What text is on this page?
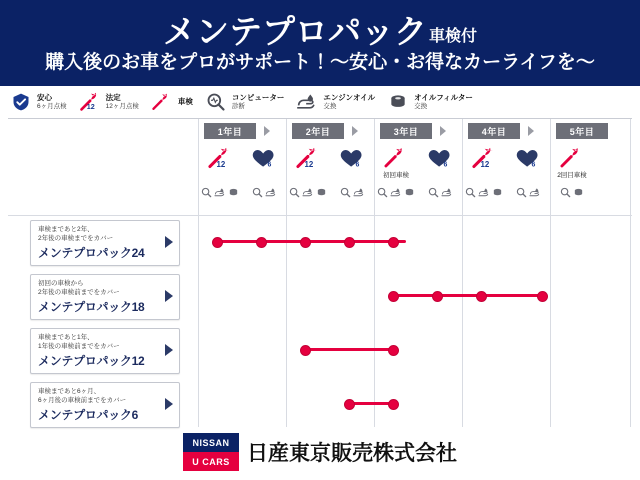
メンテプロパック 車検付
購入後のお車をプロがサポート！〜安心・お得なカーライフを〜
安心
6ヶ月点検 12
法定
12ヶ月点検	車検	コンピューター
診断
エンジンオイル
交換
オイルフィルター
交換
1年目	2年目	3年目	4年目	5年目
12	6	12	6
初回車検
6	12	6
2回目車検
車検まであと2年、
2年後の車検までをカバー
メンテプロパック24
初回の車検から
2年後の車検前までをカバー
メンテプロパック18
車検まであと1年、
1年後の車検前までをカバー
メンテプロパック12
車検まであと6ヶ月、
6ヶ月後の車検前までをカバー
メンテプロパック6
NISSAN
U CARS 日産東京販売株式会社
